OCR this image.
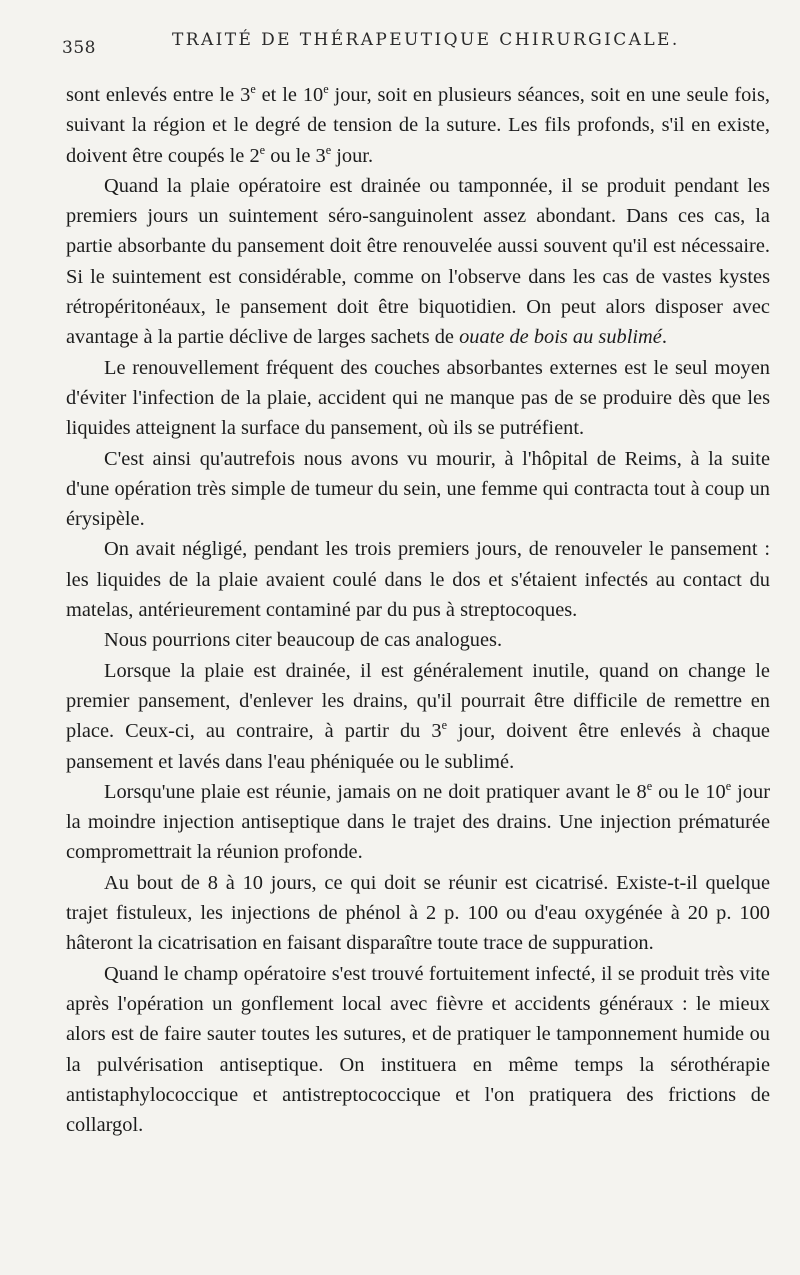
358	TRAITÉ DE THÉRAPEUTIQUE CHIRURGICALE.

sont enlevés entre le 3e et le 10e jour, soit en plusieurs séances, soit en une seule fois, suivant la région et le degré de tension de la suture. Les fils profonds, s'il en existe, doivent être coupés le 2e ou le 3e jour.

Quand la plaie opératoire est drainée ou tamponnée, il se produit pendant les premiers jours un suintement séro-sanguinolent assez abondant. Dans ces cas, la partie absorbante du pansement doit être renouvelée aussi souvent qu'il est nécessaire. Si le suintement est considérable, comme on l'observe dans les cas de vastes kystes rétropéritonéaux, le pansement doit être biquotidien. On peut alors disposer avec avantage à la partie déclive de larges sachets de ouate de bois au sublimé.

Le renouvellement fréquent des couches absorbantes externes est le seul moyen d'éviter l'infection de la plaie, accident qui ne manque pas de se produire dès que les liquides atteignent la surface du pansement, où ils se putréfient.

C'est ainsi qu'autrefois nous avons vu mourir, à l'hôpital de Reims, à la suite d'une opération très simple de tumeur du sein, une femme qui contracta tout à coup un érysipèle.

On avait négligé, pendant les trois premiers jours, de renouveler le pansement : les liquides de la plaie avaient coulé dans le dos et s'étaient infectés au contact du matelas, antérieurement contaminé par du pus à streptocoques.

Nous pourrions citer beaucoup de cas analogues.

Lorsque la plaie est drainée, il est généralement inutile, quand on change le premier pansement, d'enlever les drains, qu'il pourrait être difficile de remettre en place. Ceux-ci, au contraire, à partir du 3e jour, doivent être enlevés à chaque pansement et lavés dans l'eau phéniquée ou le sublimé.

Lorsqu'une plaie est réunie, jamais on ne doit pratiquer avant le 8e ou le 10e jour la moindre injection antiseptique dans le trajet des drains. Une injection prématurée compromettrait la réunion profonde.

Au bout de 8 à 10 jours, ce qui doit se réunir est cicatrisé. Existe-t-il quelque trajet fistuleux, les injections de phénol à 2 p. 100 ou d'eau oxygénée à 20 p. 100 hâteront la cicatrisation en faisant disparaître toute trace de suppuration.

Quand le champ opératoire s'est trouvé fortuitement infecté, il se produit très vite après l'opération un gonflement local avec fièvre et accidents généraux : le mieux alors est de faire sauter toutes les sutures, et de pratiquer le tamponnement humide ou la pulvérisation antiseptique. On instituera en même temps la sérothérapie antistaphylococcique et antistreptococcique et l'on pratiquera des frictions de collargol.
